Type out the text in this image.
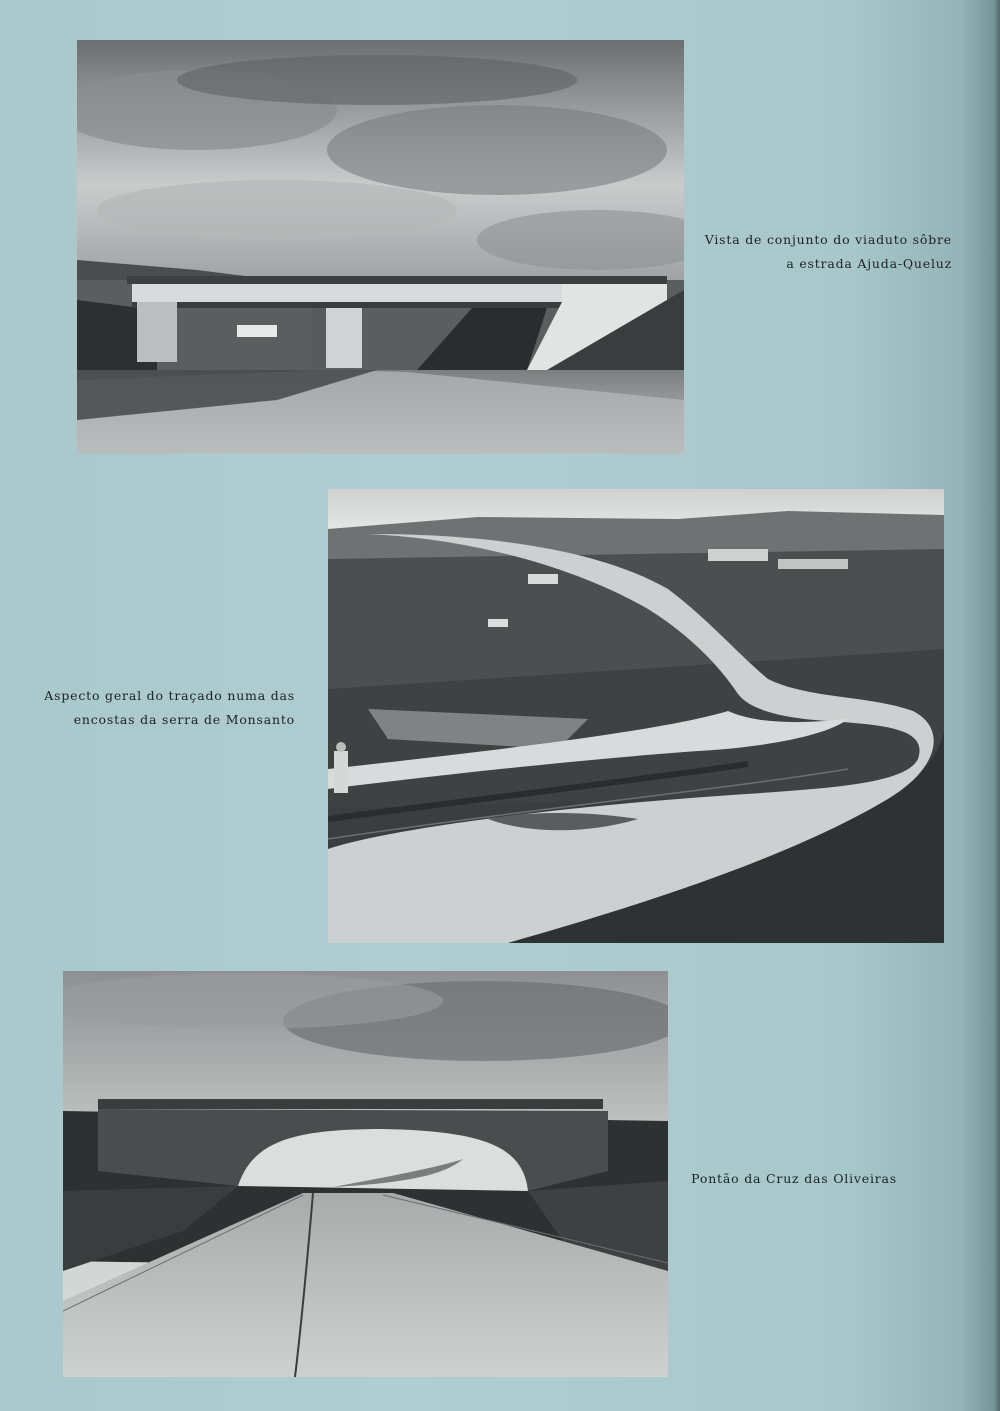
Vista de conjunto do viaduto sôbre
a estrada Ajuda-Queluz
Aspecto geral do traçado numa das
encostas da serra de Monsanto
Pontão da Cruz das Oliveiras
